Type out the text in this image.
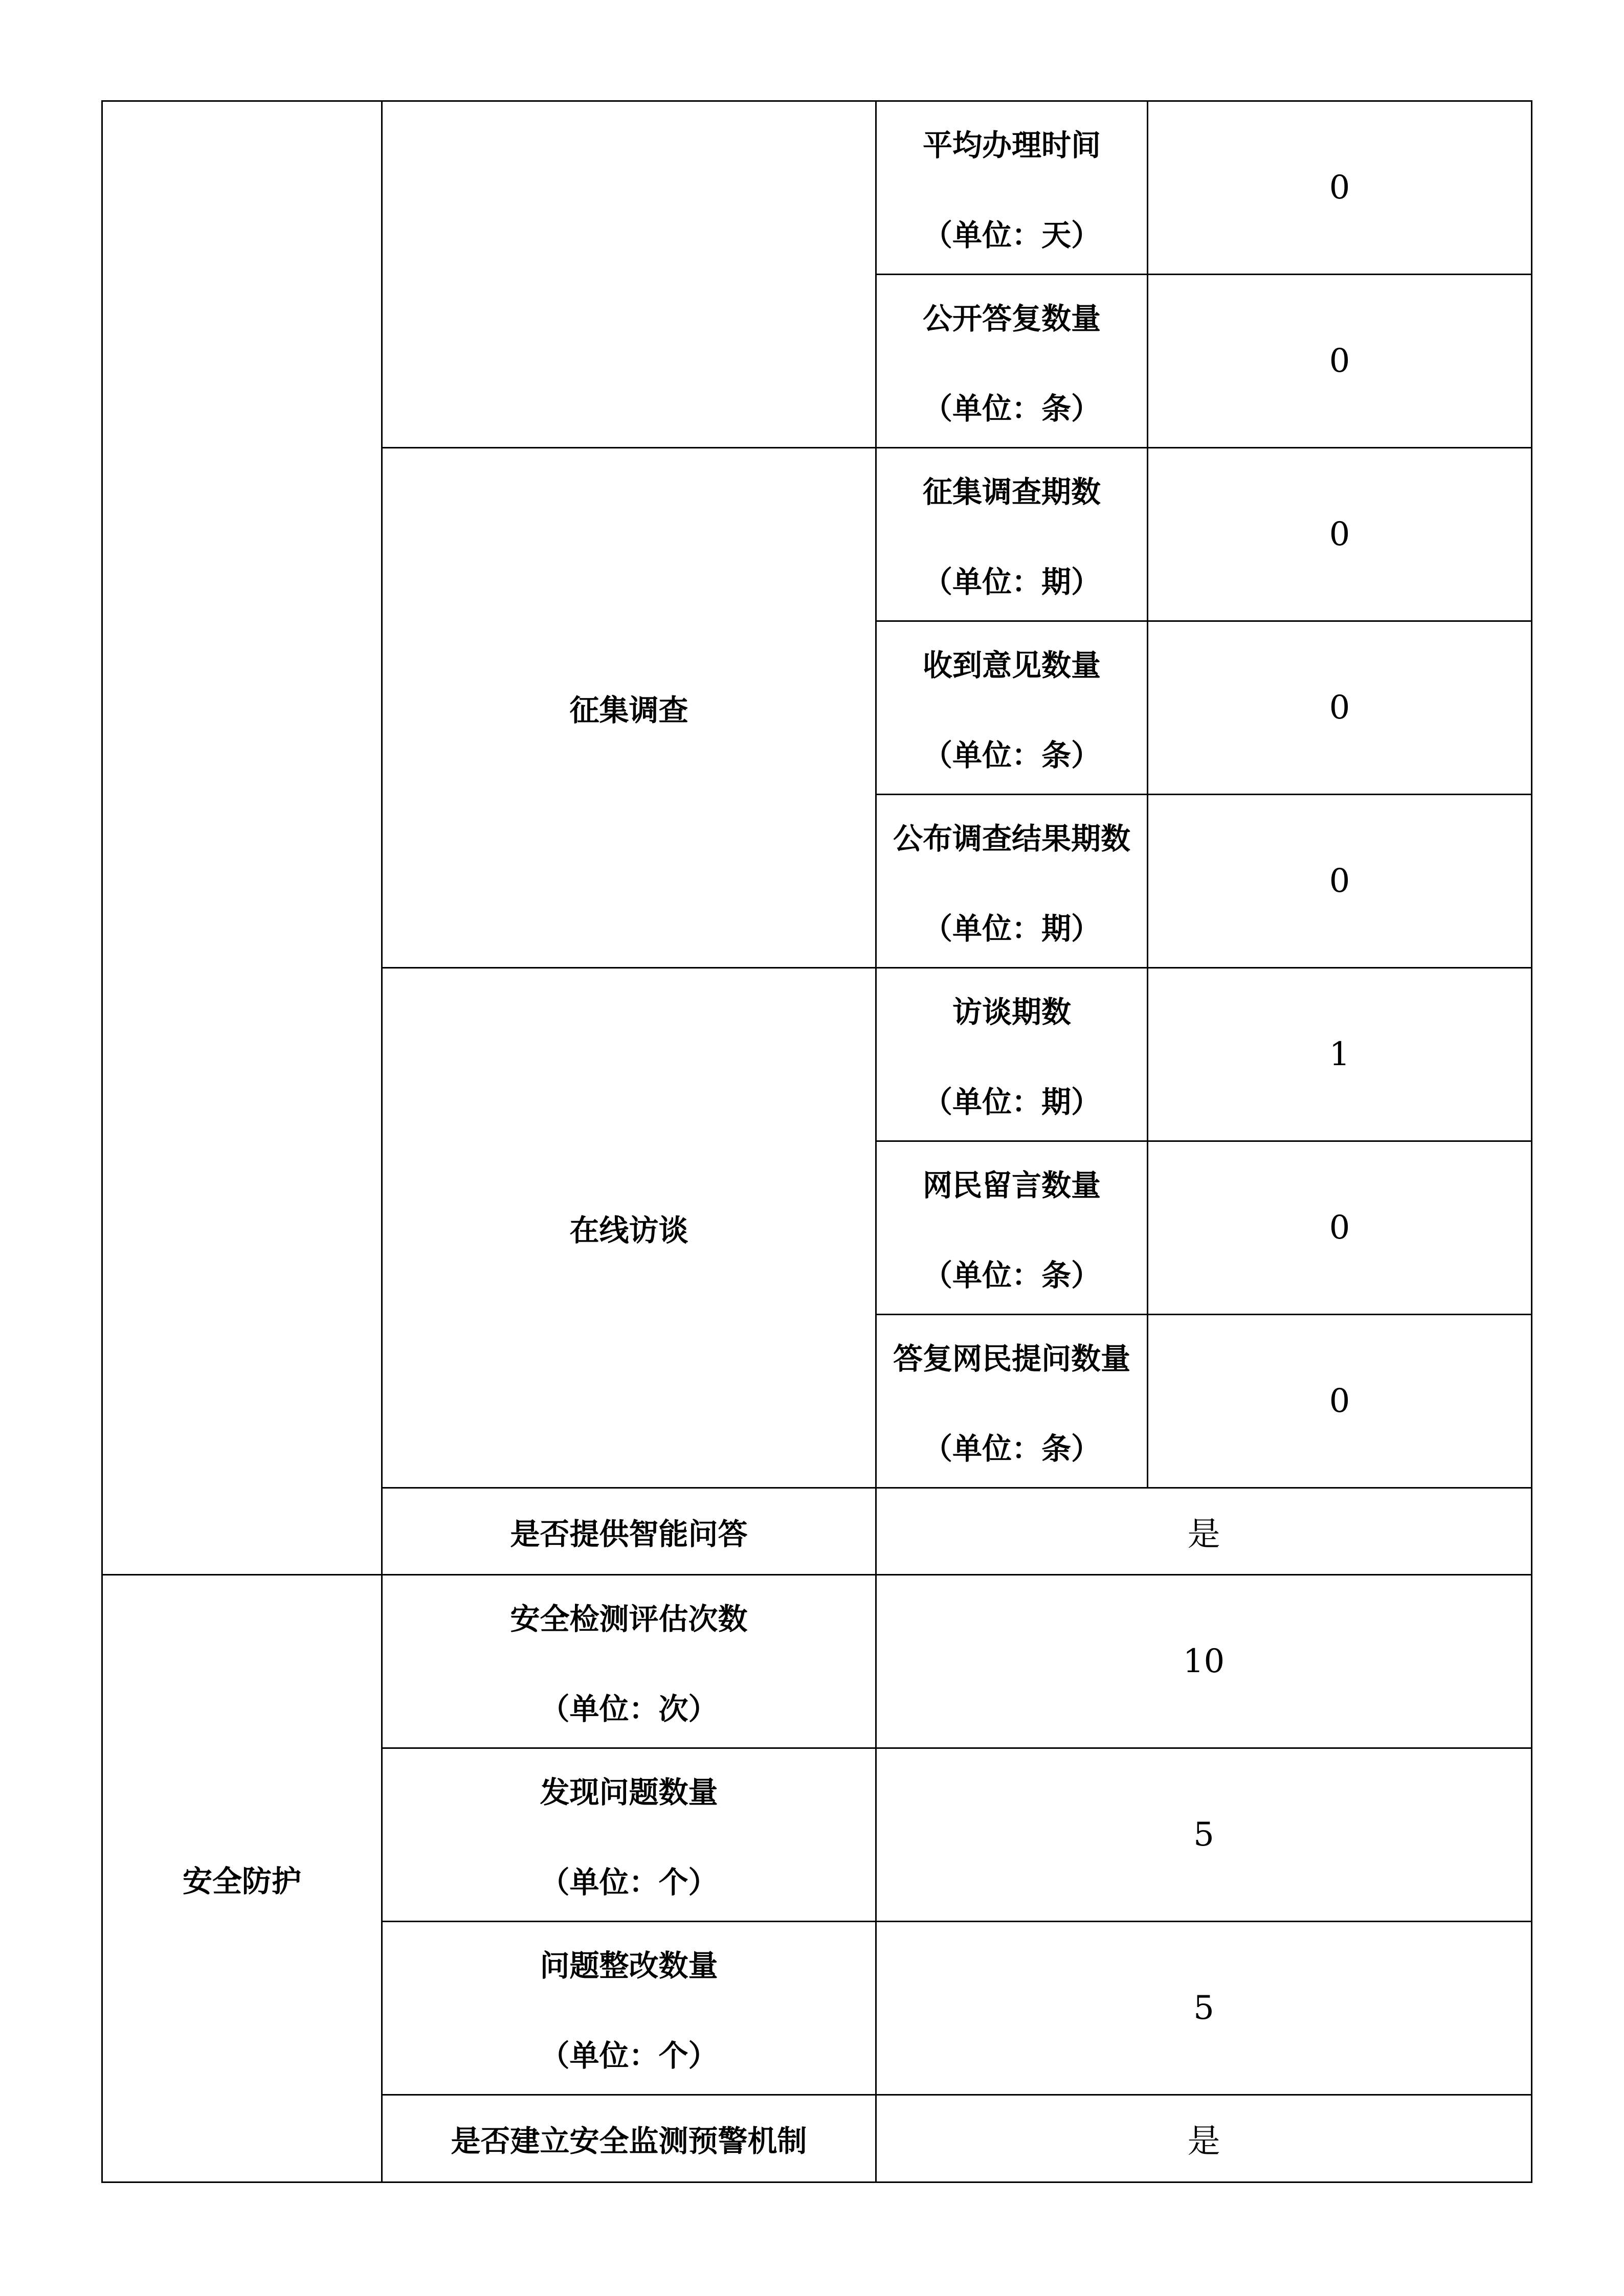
		平均办理时间
（单位：天）	0

		公开答复数量
（单位：条）	0
	征集调查	征集调查期数
（单位：期）	0

		收到意见数量
（单位：条）	0

		公布调查结果期数
（单位：期）	0
	在线访谈	访谈期数
（单位：期）	1

		网民留言数量
（单位：条）	0

		答复网民提问数量
（单位：条）	0
	是否提供智能问答	是	
安全防护	安全检测评估次数
（单位：次）	10	

	发现问题数量
（单位：个）	5	

	问题整改数量
（单位：个）	5	
	是否建立安全监测预警机制	是	
